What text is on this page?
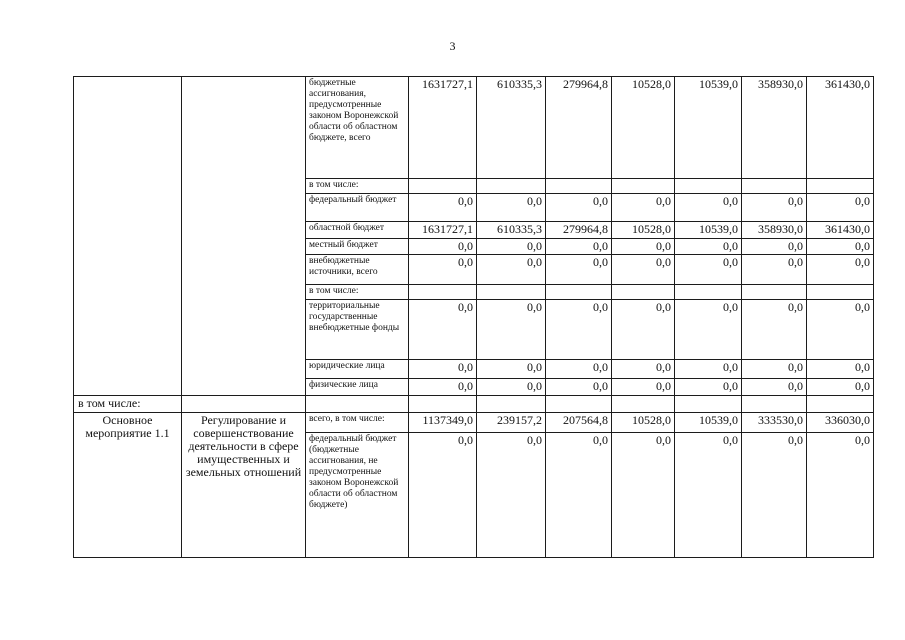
3
		бюджетные ассигнования, предусмотренные законом Воронежской области об областном бюджете, всего	1631727,1	610335,3	279964,8	10528,0	10539,0	358930,0	361430,0
		в том числе:							
		федеральный бюджет	0,0	0,0	0,0	0,0	0,0	0,0	0,0
		областной бюджет	1631727,1	610335,3	279964,8	10528,0	10539,0	358930,0	361430,0
		местный бюджет	0,0	0,0	0,0	0,0	0,0	0,0	0,0
		внебюджетные источники, всего	0,0	0,0	0,0	0,0	0,0	0,0	0,0
		в том числе:							
		территориальные государственные внебюджетные фонды	0,0	0,0	0,0	0,0	0,0	0,0	0,0
		юридические лица	0,0	0,0	0,0	0,0	0,0	0,0	0,0
		физические лица	0,0	0,0	0,0	0,0	0,0	0,0	0,0
в том числе:									
Основное мероприятие 1.1	Регулирование и совершенствование деятельности в сфере имущественных и земельных отношений	всего, в том числе:	1137349,0	239157,2	207564,8	10528,0	10539,0	333530,0	336030,0
		федеральный бюджет (бюджетные ассигнования, не предусмотренные законом Воронежской области об областном бюджете)	0,0	0,0	0,0	0,0	0,0	0,0	0,0
